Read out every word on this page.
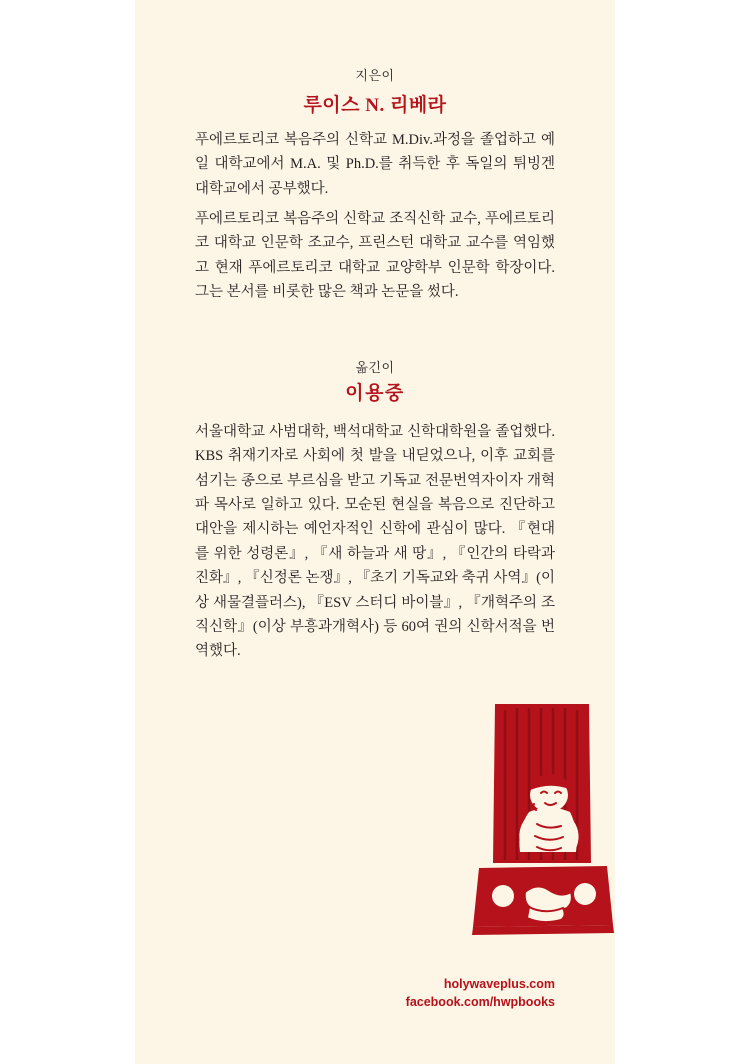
지은이
루이스 N. 리베라
푸에르토리코 복음주의 신학교 M.Div.과정을 졸업하고 예일 대학교에서 M.A. 및 Ph.D.를 취득한 후 독일의 튀빙겐 대학교에서 공부했다.
푸에르토리코 복음주의 신학교 조직신학 교수, 푸에르토리코 대학교 인문학 조교수, 프린스턴 대학교 교수를 역임했고 현재 푸에르토리코 대학교 교양학부 인문학 학장이다. 그는 본서를 비롯한 많은 책과 논문을 썼다.
옮긴이
이용중
서울대학교 사범대학, 백석대학교 신학대학원을 졸업했다. KBS 취재기자로 사회에 첫 발을 내딛었으나, 이후 교회를 섬기는 종으로 부르심을 받고 기독교 전문번역자이자 개혁파 목사로 일하고 있다. 모순된 현실을 복음으로 진단하고 대안을 제시하는 예언자적인 신학에 관심이 많다. 『현대를 위한 성령론』, 『새 하늘과 새 땅』, 『인간의 타락과 진화』, 『신정론 논쟁』, 『초기 기독교와 축귀 사역』(이상 새물결플러스), 『ESV 스터디 바이블』, 『개혁주의 조직신학』(이상 부흥과개혁사) 등 60여 권의 신학서적을 번역했다.
holywaveplus.com
facebook.com/hwpbooks
